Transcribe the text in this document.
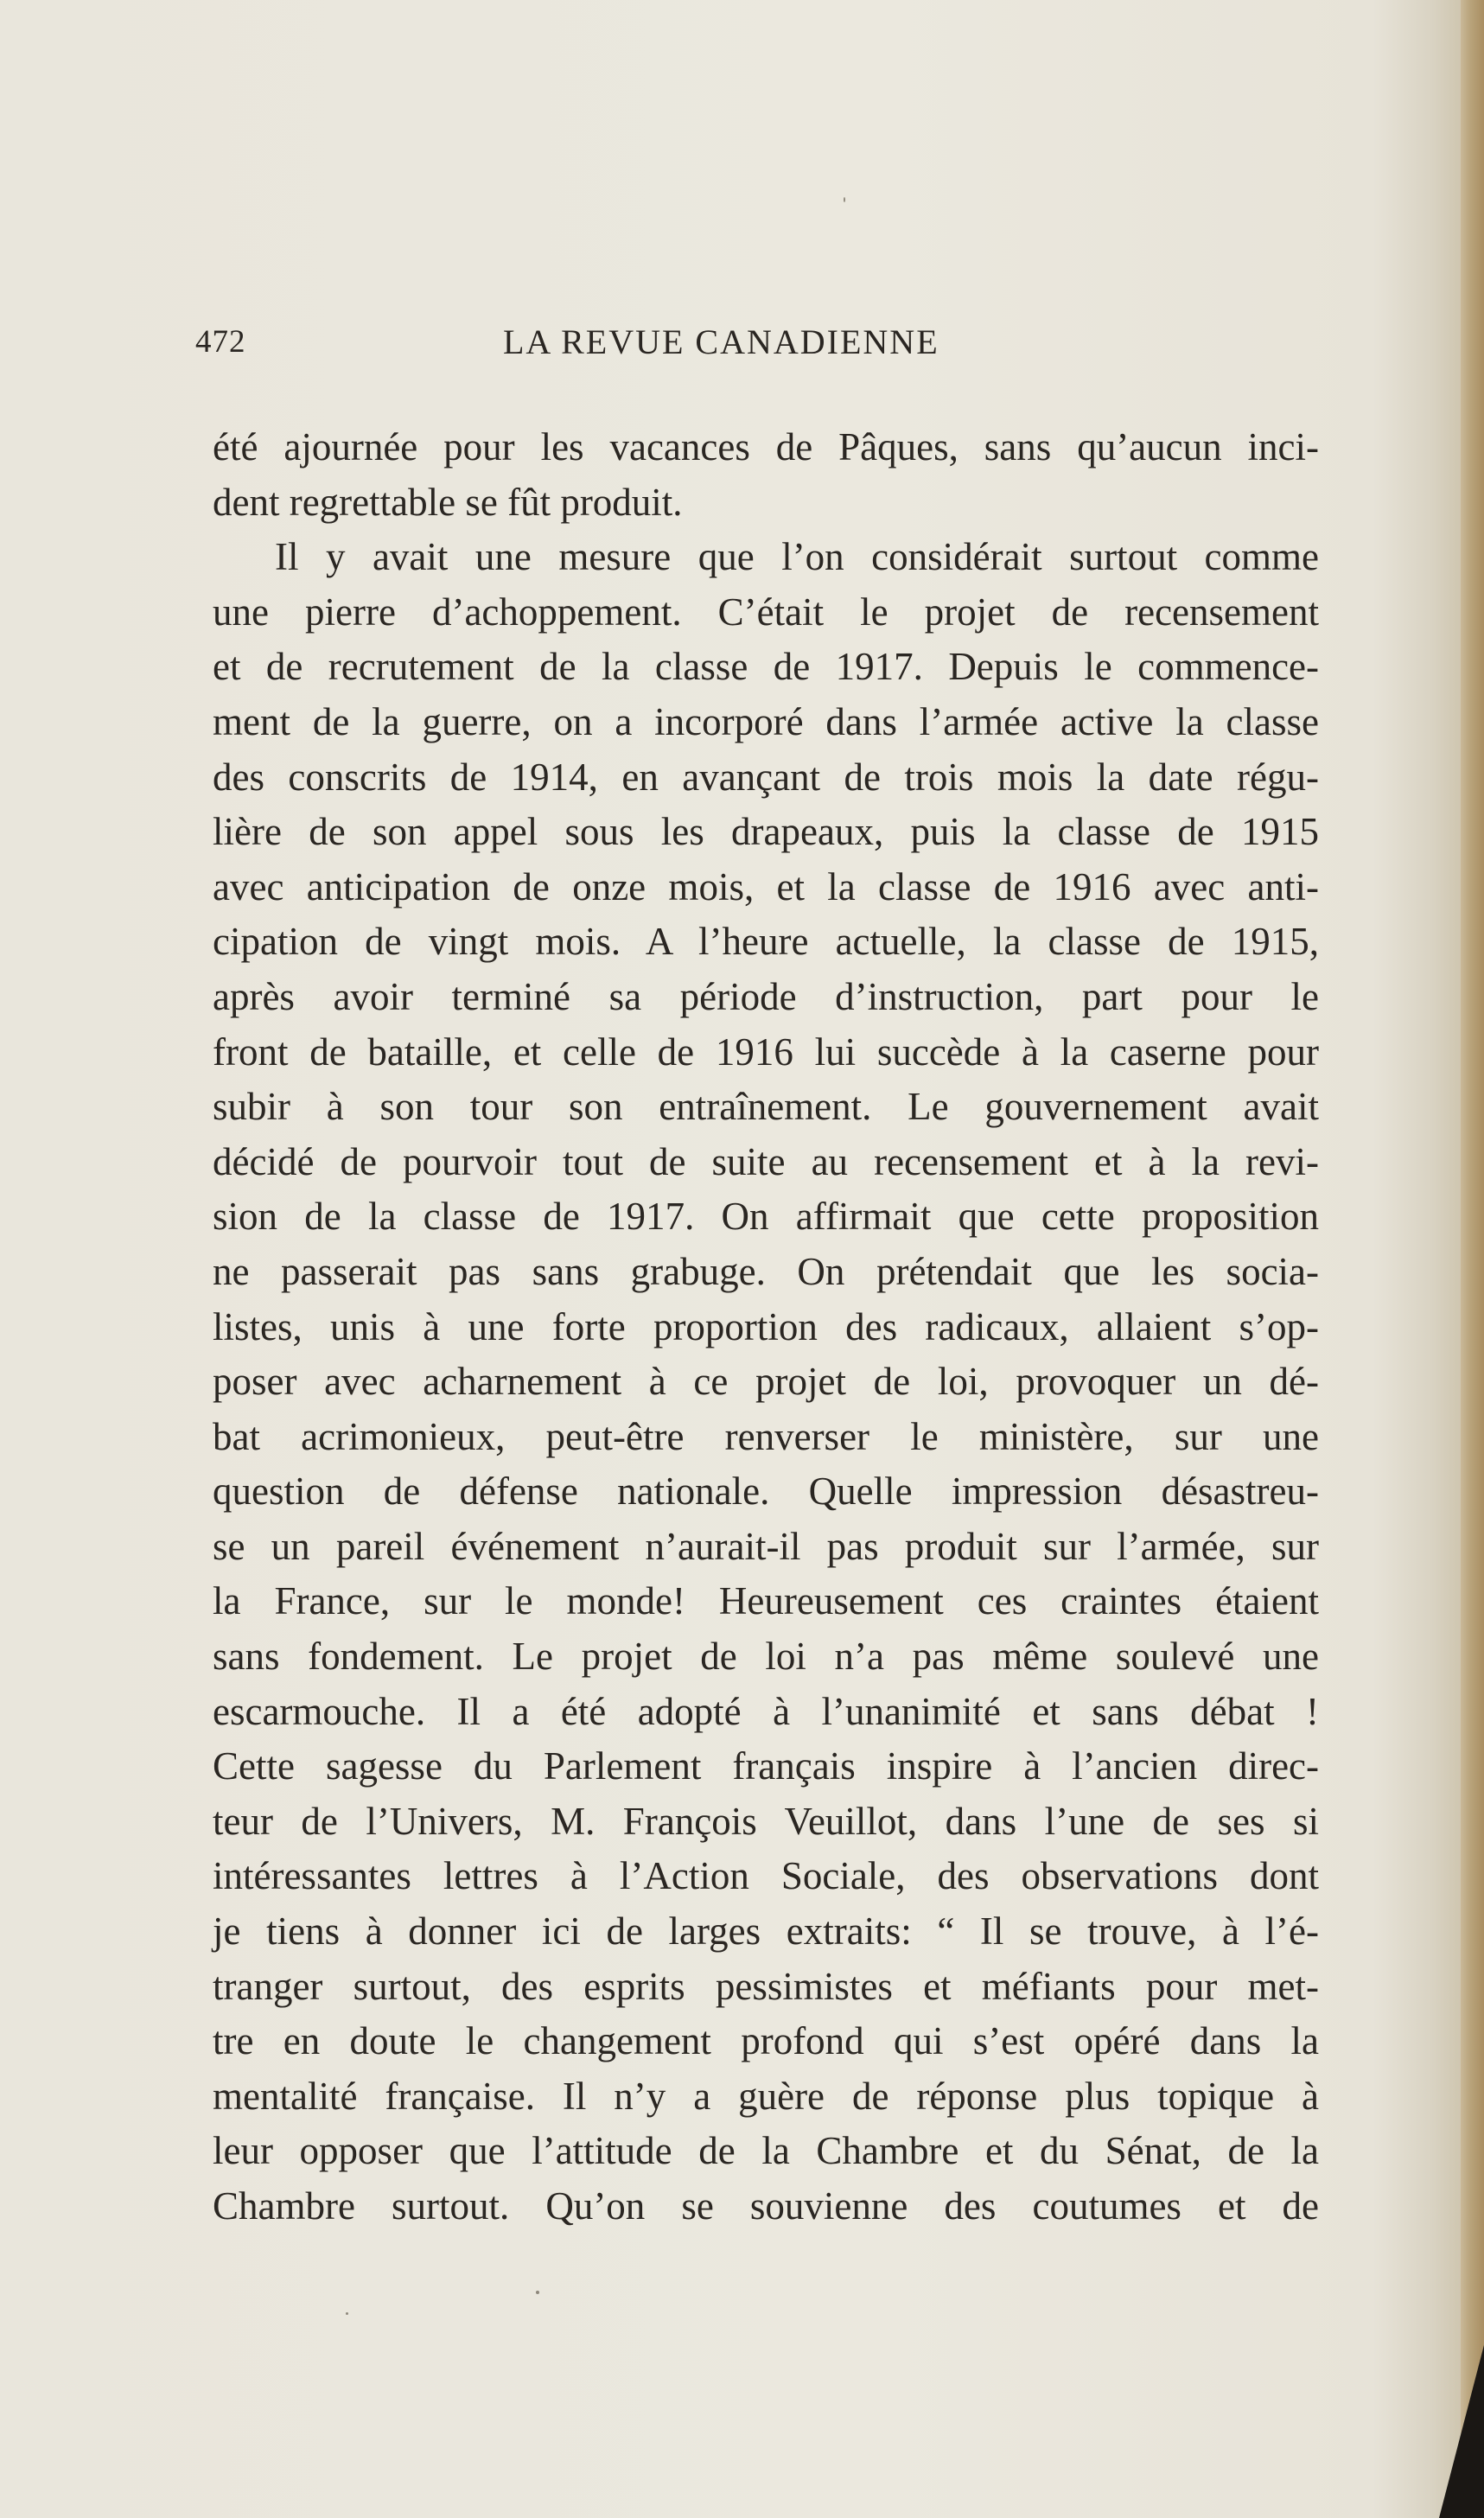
472	LA REVUE CANADIENNE
été ajournée pour les vacances de Pâques, sans qu’aucun inci-
dent regrettable se fût produit.
Il y avait une mesure que l’on considérait surtout comme
une pierre d’achoppement. C’était le projet de recensement
et de recrutement de la classe de 1917. Depuis le commence-
ment de la guerre, on a incorporé dans l’armée active la classe
des conscrits de 1914, en avançant de trois mois la date régu-
lière de son appel sous les drapeaux, puis la classe de 1915
avec anticipation de onze mois, et la classe de 1916 avec anti-
cipation de vingt mois. A l’heure actuelle, la classe de 1915,
après avoir terminé sa période d’instruction, part pour le
front de bataille, et celle de 1916 lui succède à la caserne pour
subir à son tour son entraînement. Le gouvernement avait
décidé de pourvoir tout de suite au recensement et à la revi-
sion de la classe de 1917. On affirmait que cette proposition
ne passerait pas sans grabuge. On prétendait que les socia-
listes, unis à une forte proportion des radicaux, allaient s’op-
poser avec acharnement à ce projet de loi, provoquer un dé-
bat acrimonieux, peut-être renverser le ministère, sur une
question de défense nationale. Quelle impression désastreu-
se un pareil événement n’aurait-il pas produit sur l’armée, sur
la France, sur le monde! Heureusement ces craintes étaient
sans fondement. Le projet de loi n’a pas même soulevé une
escarmouche. Il a été adopté à l’unanimité et sans débat !
Cette sagesse du Parlement français inspire à l’ancien direc-
teur de l’Univers, M. François Veuillot, dans l’une de ses si
intéressantes lettres à l’Action Sociale, des observations dont
je tiens à donner ici de larges extraits: “ Il se trouve, à l’é-
tranger surtout, des esprits pessimistes et méfiants pour met-
tre en doute le changement profond qui s’est opéré dans la
mentalité française. Il n’y a guère de réponse plus topique à
leur opposer que l’attitude de la Chambre et du Sénat, de la
Chambre surtout. Qu’on se souvienne des coutumes et de
